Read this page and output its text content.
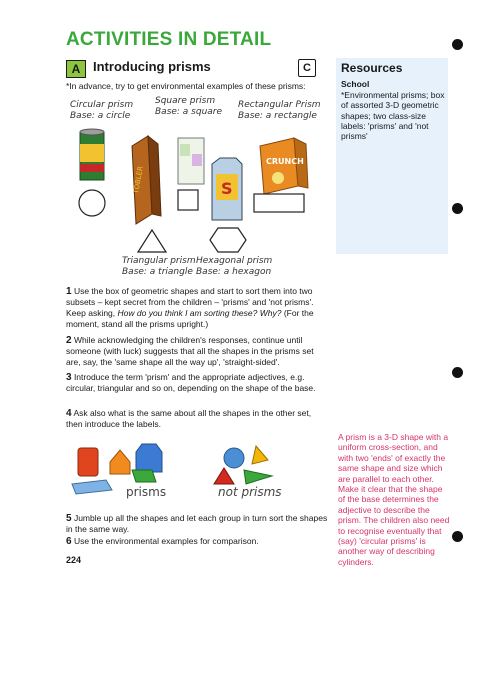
ACTIVITIES IN DETAIL
A Introducing prisms	C
*In advance, try to get environmental examples of these prisms:
Resources
School
*Environmental prisms; box of assorted 3-D geometric shapes; two class-size labels: 'prisms' and 'not prisms'
Circular prism
Base: a circle
Square prism
Base: a square
Rectangular Prism
Base: a rectangle
Triangular prism
Base: a triangle
Hexagonal prism
Base: a hexagon
TOBLER	S
CRUNCH
1 Use the box of geometric shapes and start to sort them into two subsets – kept secret from the children – 'prisms' and 'not prisms'. Keep asking, How do you think I am sorting these? Why? (For the moment, stand all the prisms upright.)
2 While acknowledging the children's responses, continue until someone (with luck) suggests that all the shapes in the prisms set are, say, the 'same shape all the way up', 'straight-sided'.
3 Introduce the term 'prism' and the appropriate adjectives, e.g. circular, triangular and so on, depending on the shape of the base.
4 Ask also what is the same about all the shapes in the other set, then introduce the labels.
prisms	not prisms
5 Jumble up all the shapes and let each group in turn sort the shapes in the same way.
6 Use the environmental examples for comparison.
A prism is a 3-D shape with a uniform cross-section, and with two 'ends' of exactly the same shape and size which are parallel to each other. Make it clear that the shape of the base determines the adjective to describe the prism. The children also need to recognise eventually that (say) 'circular prisms' is another way of describing cylinders.
224
